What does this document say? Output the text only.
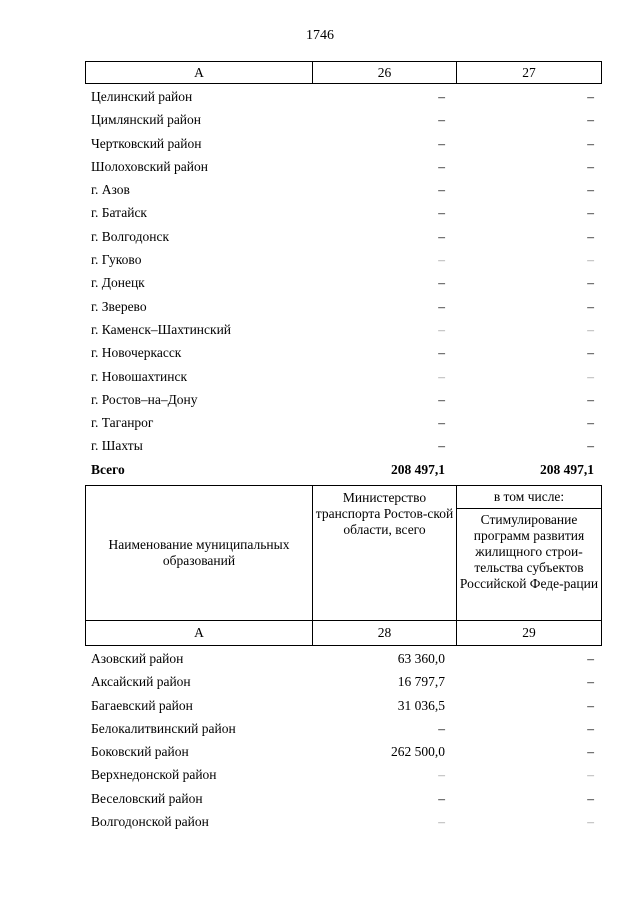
1746
А	26	27
Целинский район	–	–
Цимлянский район	–	–
Чертковский район	–	–
Шолоховский район	–	–
г. Азов	–	–
г. Батайск	–	–
г. Волгодонск	–	–
г. Гуково	–	–
г. Донецк	–	–
г. Зверево	–	–
г. Каменск–Шахтинский	–	–
г. Новочеркасск	–	–
г. Новошахтинск	–	–
г. Ростов–на–Дону	–	–
г. Таганрог	–	–
г. Шахты	–	–
Всего	208 497,1	208 497,1
Наименование муниципальных образований	Министерство транспорта Ростов-ской области, всего	в том числе:
		Стимулирование программ развития жилищного строи-тельства субъектов Российской Феде-рации
А	28	29
Азовский район	63 360,0	–
Аксайский район	16 797,7	–
Багаевский район	31 036,5	–
Белокалитвинский район	–	–
Боковский район	262 500,0	–
Верхнедонской район	–	–
Веселовский район	–	–
Волгодонской район	–	–
